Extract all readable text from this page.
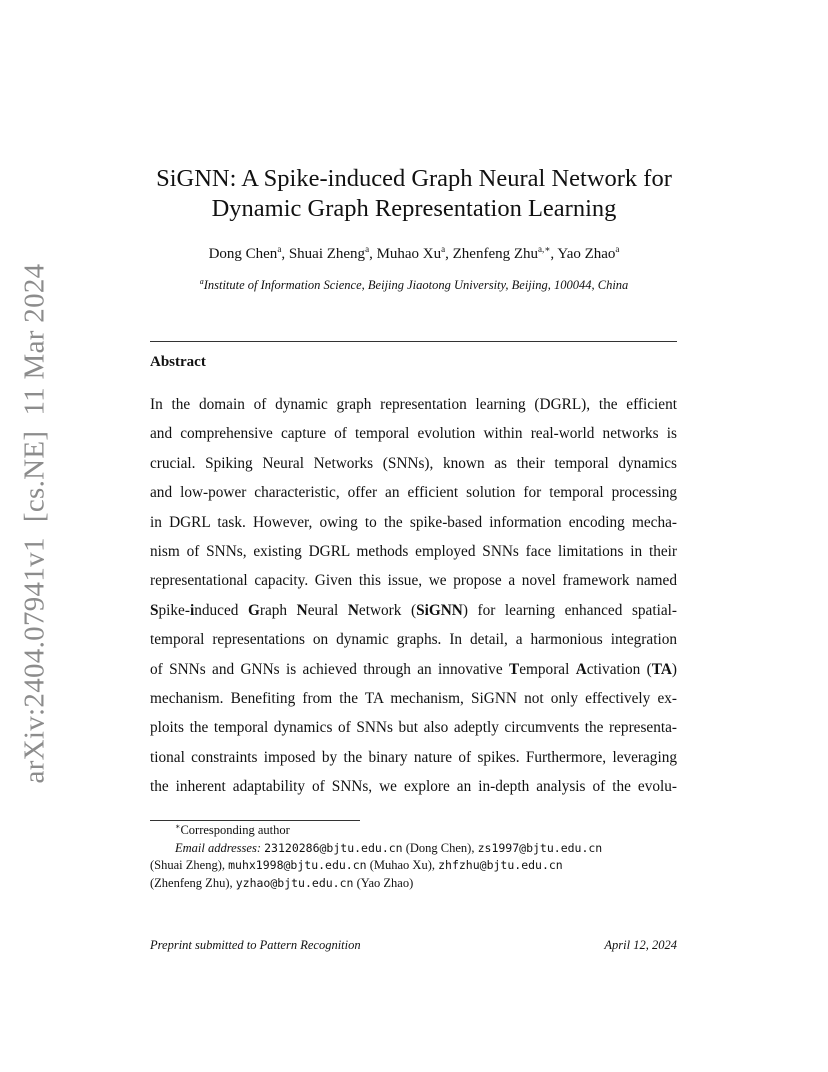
arXiv:2404.07941v1  [cs.NE]  11 Mar 2024
SiGNN: A Spike-induced Graph Neural Network for
Dynamic Graph Representation Learning
Dong Chen$^a$, Shuai Zheng$^a$, Muhao Xu$^a$, Zhenfeng Zhu$^{a,∗}$, Yao Zhao$^a$
$^a$Institute of Information Science, Beijing Jiaotong University, Beijing, 100044, China
Abstract
In the domain of dynamic graph representation learning (DGRL), the efficient
and comprehensive capture of temporal evolution within real-world networks is
crucial. Spiking Neural Networks (SNNs), known as their temporal dynamics
and low-power characteristic, offer an efficient solution for temporal processing
in DGRL task. However, owing to the spike-based information encoding mecha-
nism of SNNs, existing DGRL methods employed SNNs face limitations in their
representational capacity. Given this issue, we propose a novel framework named
Spike-induced Graph Neural Network (SiGNN) for learning enhanced spatial-
temporal representations on dynamic graphs. In detail, a harmonious integration
of SNNs and GNNs is achieved through an innovative Temporal Activation (TA)
mechanism. Benefiting from the TA mechanism, SiGNN not only effectively ex-
ploits the temporal dynamics of SNNs but also adeptly circumvents the representa-
tional constraints imposed by the binary nature of spikes. Furthermore, leveraging
the inherent adaptability of SNNs, we explore an in-depth analysis of the evolu-
∗Corresponding author
Email addresses: 23120286@bjtu.edu.cn (Dong Chen), zs1997@bjtu.edu.cn
(Shuai Zheng), muhx1998@bjtu.edu.cn (Muhao Xu), zhfzhu@bjtu.edu.cn
(Zhenfeng Zhu), yzhao@bjtu.edu.cn (Yao Zhao)
Preprint submitted to Pattern Recognition	April 12, 2024
